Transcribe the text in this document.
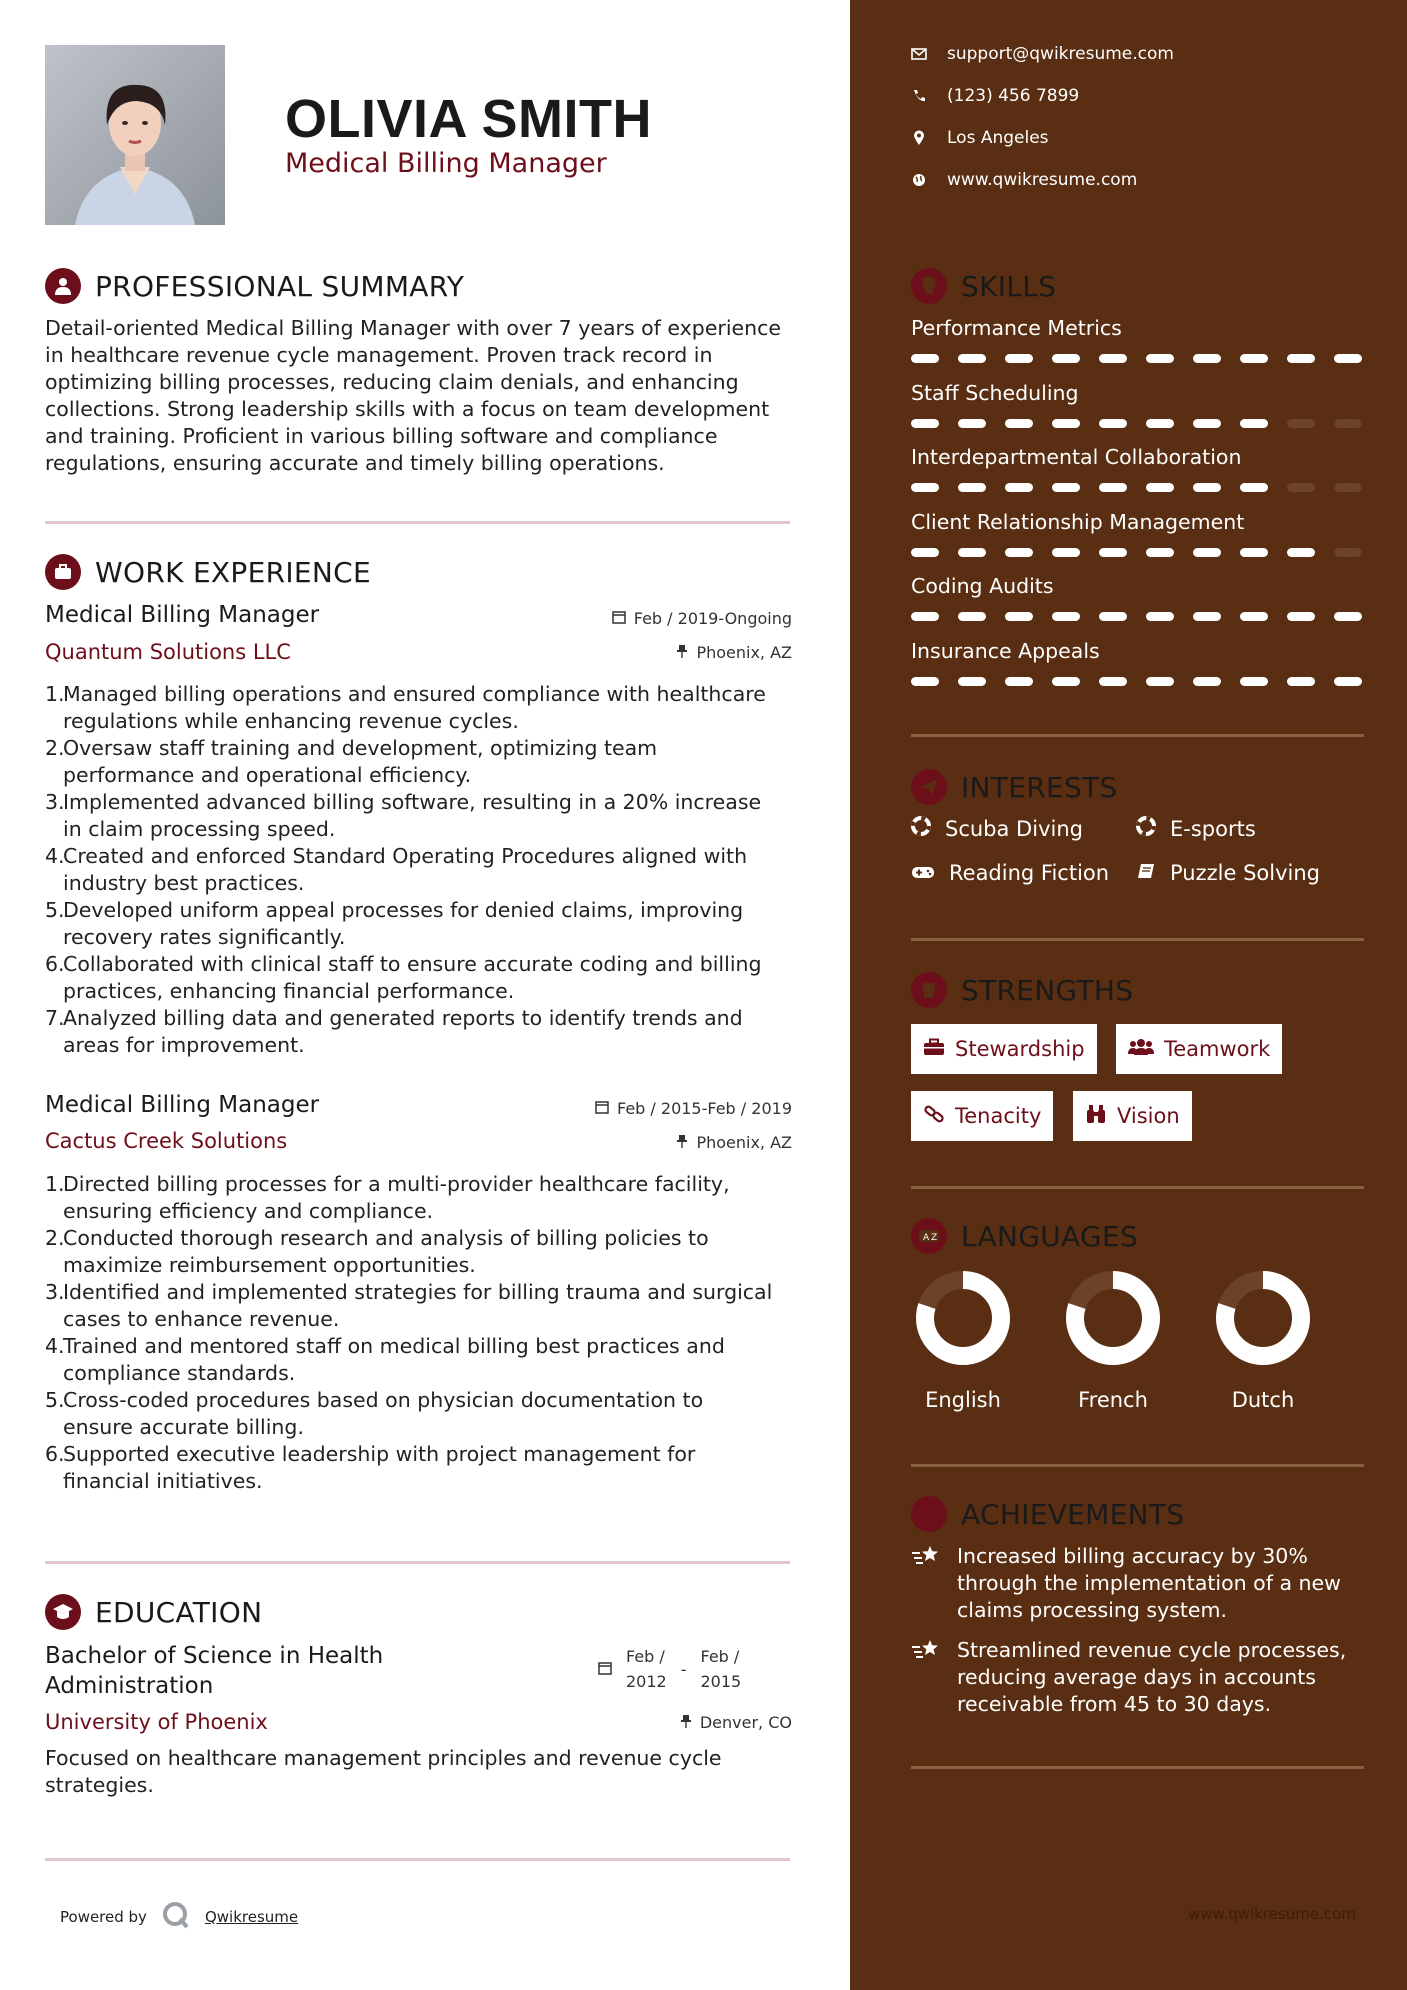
OLIVIA SMITH
Medical Billing Manager
PROFESSIONAL SUMMARY
Detail-oriented Medical Billing Manager with over 7 years of experience
in healthcare revenue cycle management. Proven track record in
optimizing billing processes, reducing claim denials, and enhancing
collections. Strong leadership skills with a focus on team development
and training. Proficient in various billing software and compliance
regulations, ensuring accurate and timely billing operations.
WORK EXPERIENCE
Medical Billing Manager	Feb / 2019-Ongoing
Quantum Solutions LLC	Phoenix, AZ
1.
Managed billing operations and ensured compliance with healthcare
regulations while enhancing revenue cycles.
2.
Oversaw staff training and development, optimizing team
performance and operational efficiency.
3.
Implemented advanced billing software, resulting in a 20% increase
in claim processing speed.
4.
Created and enforced Standard Operating Procedures aligned with
industry best practices.
5.
Developed uniform appeal processes for denied claims, improving
recovery rates significantly.
6.
Collaborated with clinical staff to ensure accurate coding and billing
practices, enhancing financial performance.
7.
Analyzed billing data and generated reports to identify trends and
areas for improvement.
Medical Billing Manager	Feb / 2015-Feb / 2019
Cactus Creek Solutions	Phoenix, AZ
1.
Directed billing processes for a multi-provider healthcare facility,
ensuring efficiency and compliance.
2.
Conducted thorough research and analysis of billing policies to
maximize reimbursement opportunities.
3.
Identified and implemented strategies for billing trauma and surgical
cases to enhance revenue.
4.
Trained and mentored staff on medical billing best practices and
compliance standards.
5.
Cross-coded procedures based on physician documentation to
ensure accurate billing.
6.
Supported executive leadership with project management for
financial initiatives.
EDUCATION
Bachelor of Science in Health
Administration
Feb /
2012
-
Feb /
2015
University of Phoenix	Denver, CO
Focused on healthcare management principles and revenue cycle
strategies.
Powered by	Qwikresume
support@qwikresume.com
(123) 456 7899
Los Angeles
www.qwikresume.com
SKILLS
Performance Metrics
Staff Scheduling
Interdepartmental Collaboration
Client Relationship Management
Coding Audits
Insurance Appeals
INTERESTS
Scuba Diving	E-sports
Reading Fiction	Puzzle Solving
STRENGTHS
Stewardship	Teamwork
Tenacity	Vision
A Z LANGUAGES
English	French	Dutch
ACHIEVEMENTS
Increased billing accuracy by 30%
through the implementation of a new
claims processing system.
Streamlined revenue cycle processes,
reducing average days in accounts
receivable from 45 to 30 days.
www.qwikresume.com
